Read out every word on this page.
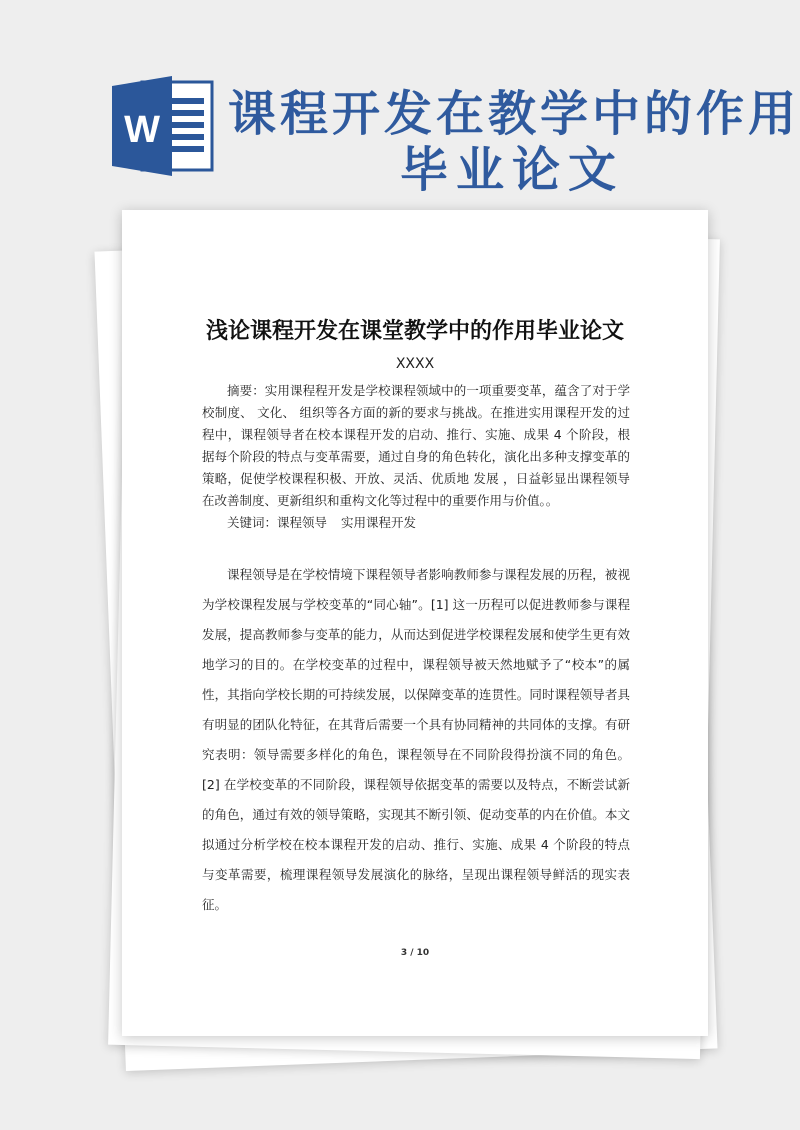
W 课程开发在教学中的作用
毕业论文
浅论课程开发在课堂教学中的作用毕业论文
XXXX
摘要：实用课程程开发是学校课程领域中的一项重要变革，蕴含了对于学校制度、 文化、 组织等各方面的新的要求与挑战。在推进实用课程开发的过程中，课程领导者在校本课程开发的启动、推行、实施、成果 4 个阶段，根据每个阶段的特点与变革需要，通过自身的角色转化，演化出多种支撑变革的策略，促使学校课程积极、开放、灵活、优质地 发展 ，日益彰显出课程领导在改善制度、更新组织和重构文化等过程中的重要作用与价值。。
关键词：课程领导 实用课程开发
课程领导是在学校情境下课程领导者影响教师参与课程发展的历程，被视为学校课程发展与学校变革的“同心轴”。[1] 这一历程可以促进教师参与课程发展，提高教师参与变革的能力，从而达到促进学校课程发展和使学生更有效地学习的目的。在学校变革的过程中，课程领导被天然地赋予了“校本”的属性，其指向学校长期的可持续发展，以保障变革的连贯性。同时课程领导者具有明显的团队化特征，在其背后需要一个具有协同精神的共同体的支撑。有研究表明：领导需要多样化的角色，课程领导在不同阶段得扮演不同的角色。[2] 在学校变革的不同阶段，课程领导依据变革的需要以及特点，不断尝试新的角色，通过有效的领导策略，实现其不断引领、促动变革的内在价值。本文拟通过分析学校在校本课程开发的启动、推行、实施、成果 4 个阶段的特点与变革需要，梳理课程领导发展演化的脉络，呈现出课程领导鲜活的现实表征。
3 / 10
